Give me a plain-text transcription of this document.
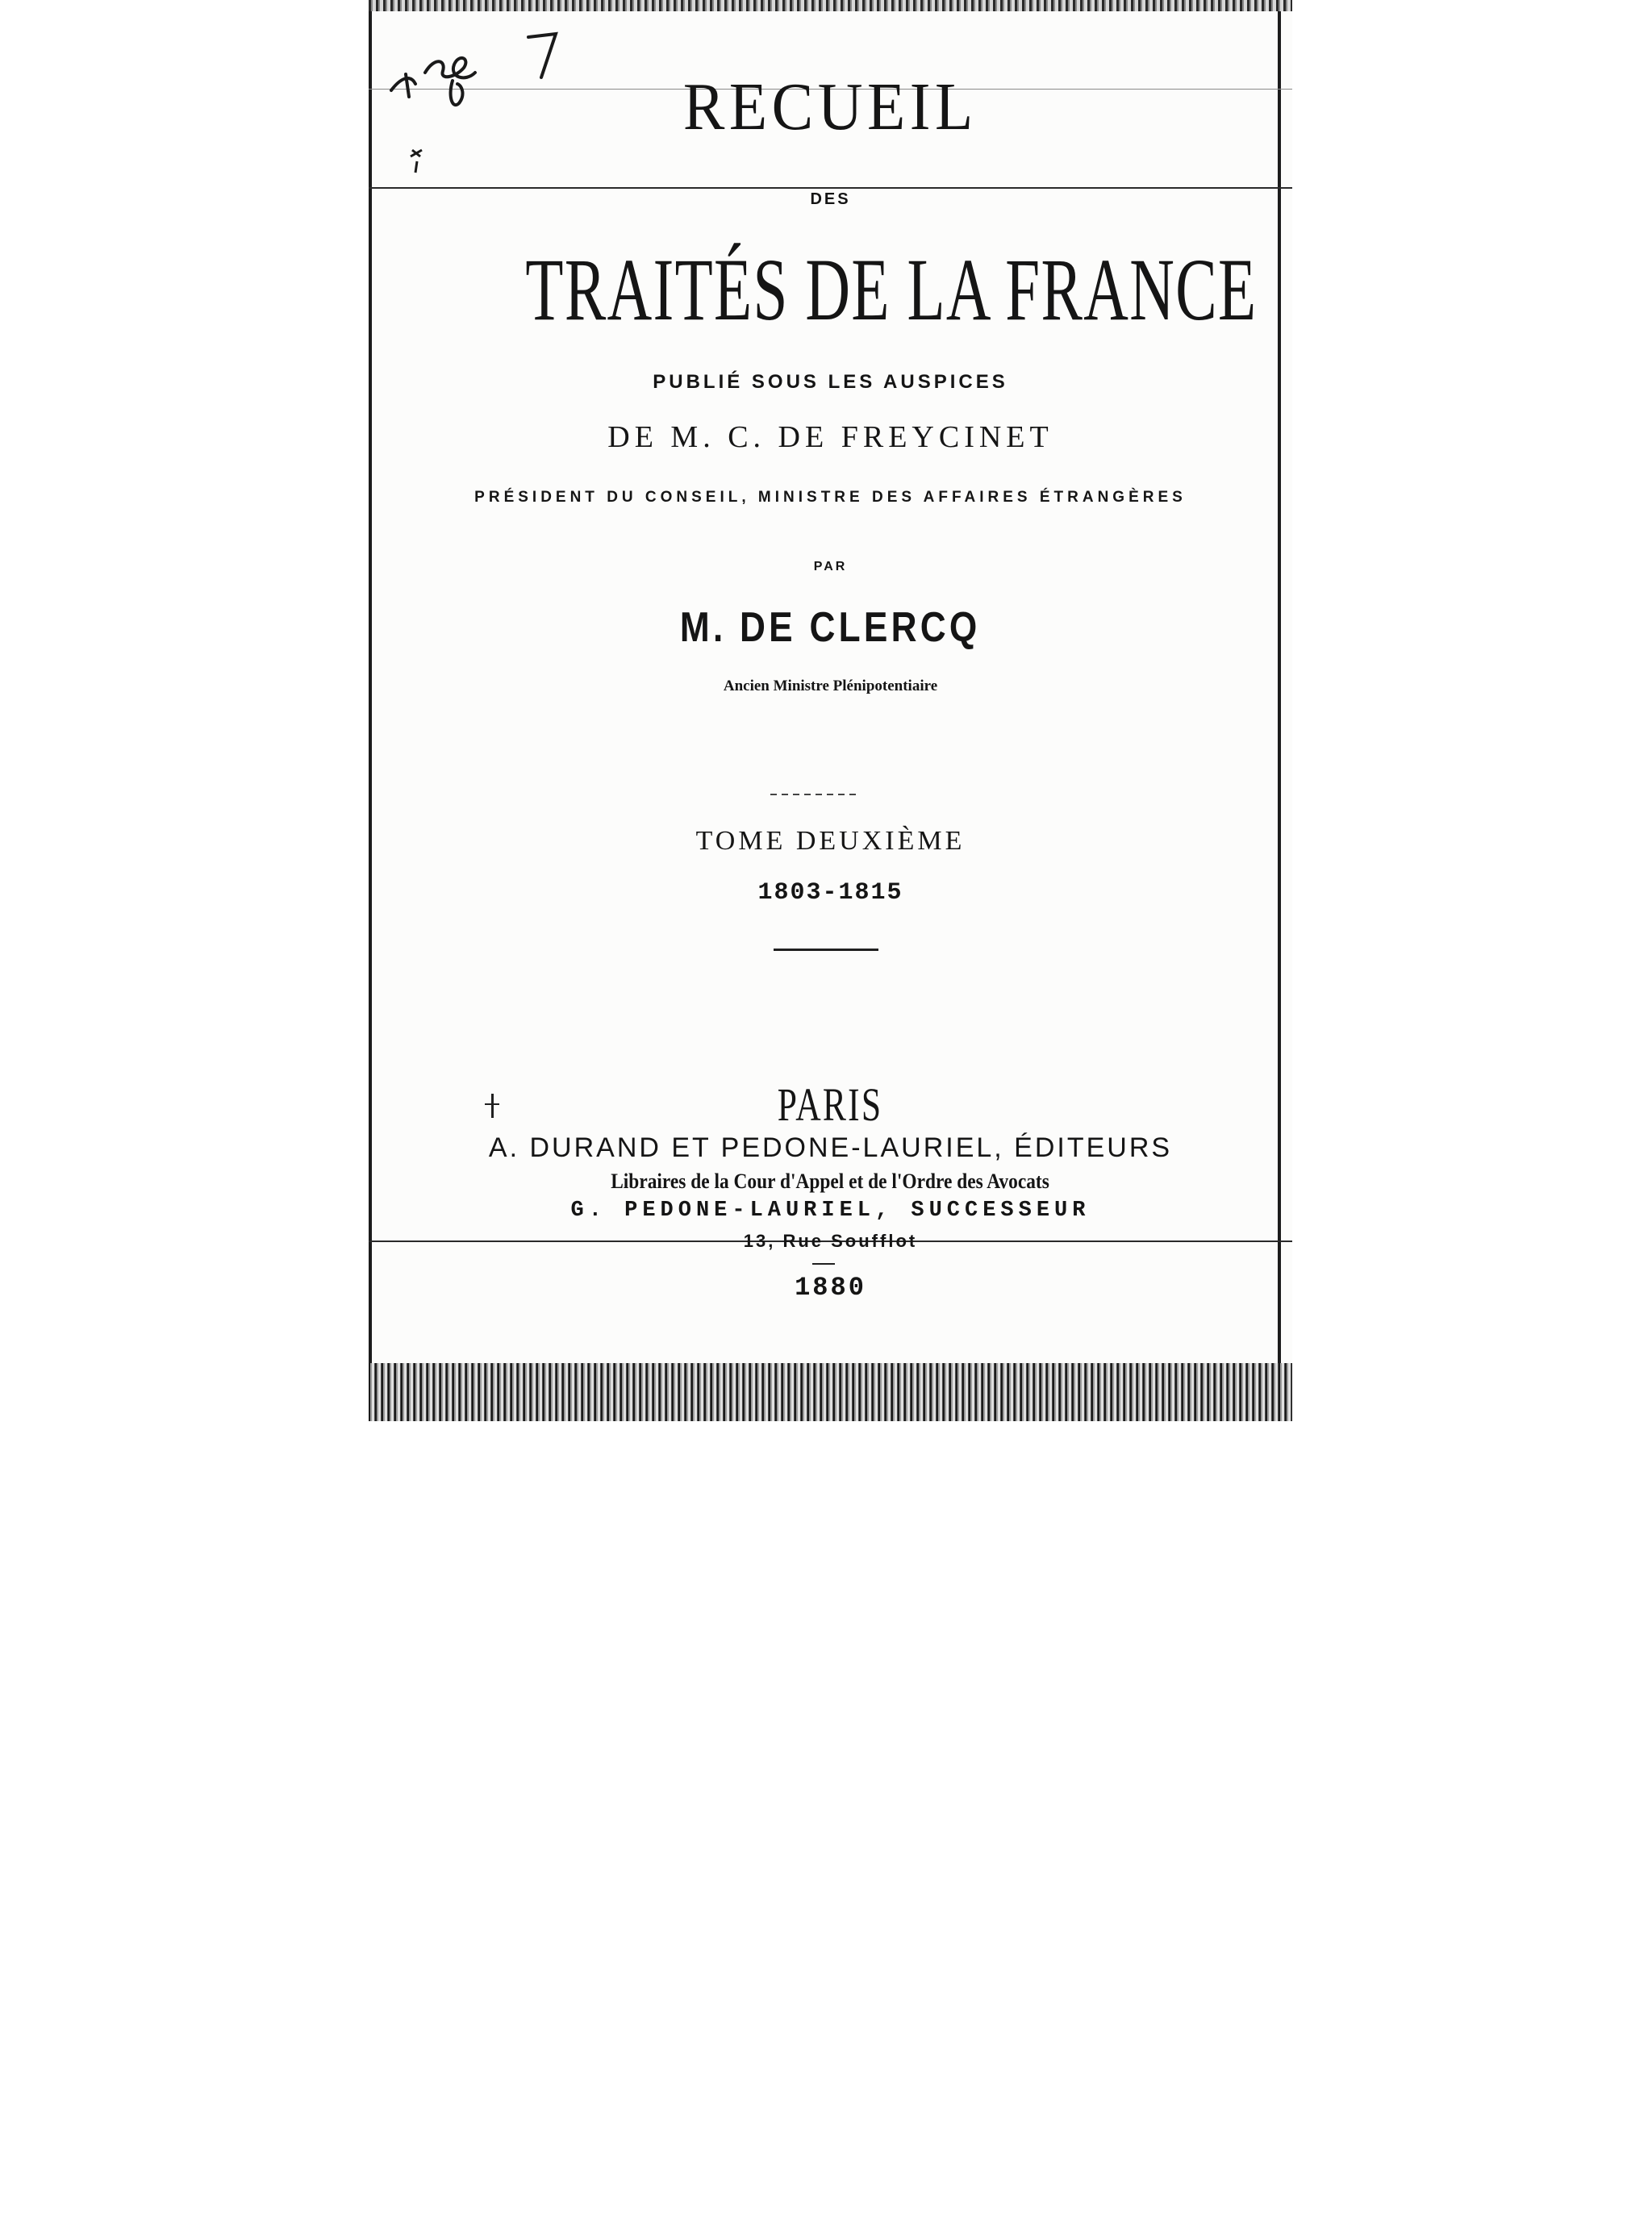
RECUEIL
DES
TRAITÉS DE LA FRANCE
PUBLIÉ SOUS LES AUSPICES
DE M. C. DE FREYCINET
PRÉSIDENT DU CONSEIL, MINISTRE DES AFFAIRES ÉTRANGÈRES
PAR
M. DE CLERCQ
Ancien Ministre Plénipotentiaire
TOME DEUXIÈME
1803-1815
PARIS
A. DURAND ET PEDONE-LAURIEL, ÉDITEURS
Libraires de la Cour d'Appel et de l'Ordre des Avocats
G. PEDONE-LAURIEL, SUCCESSEUR
13, Rue Soufflot
1880
